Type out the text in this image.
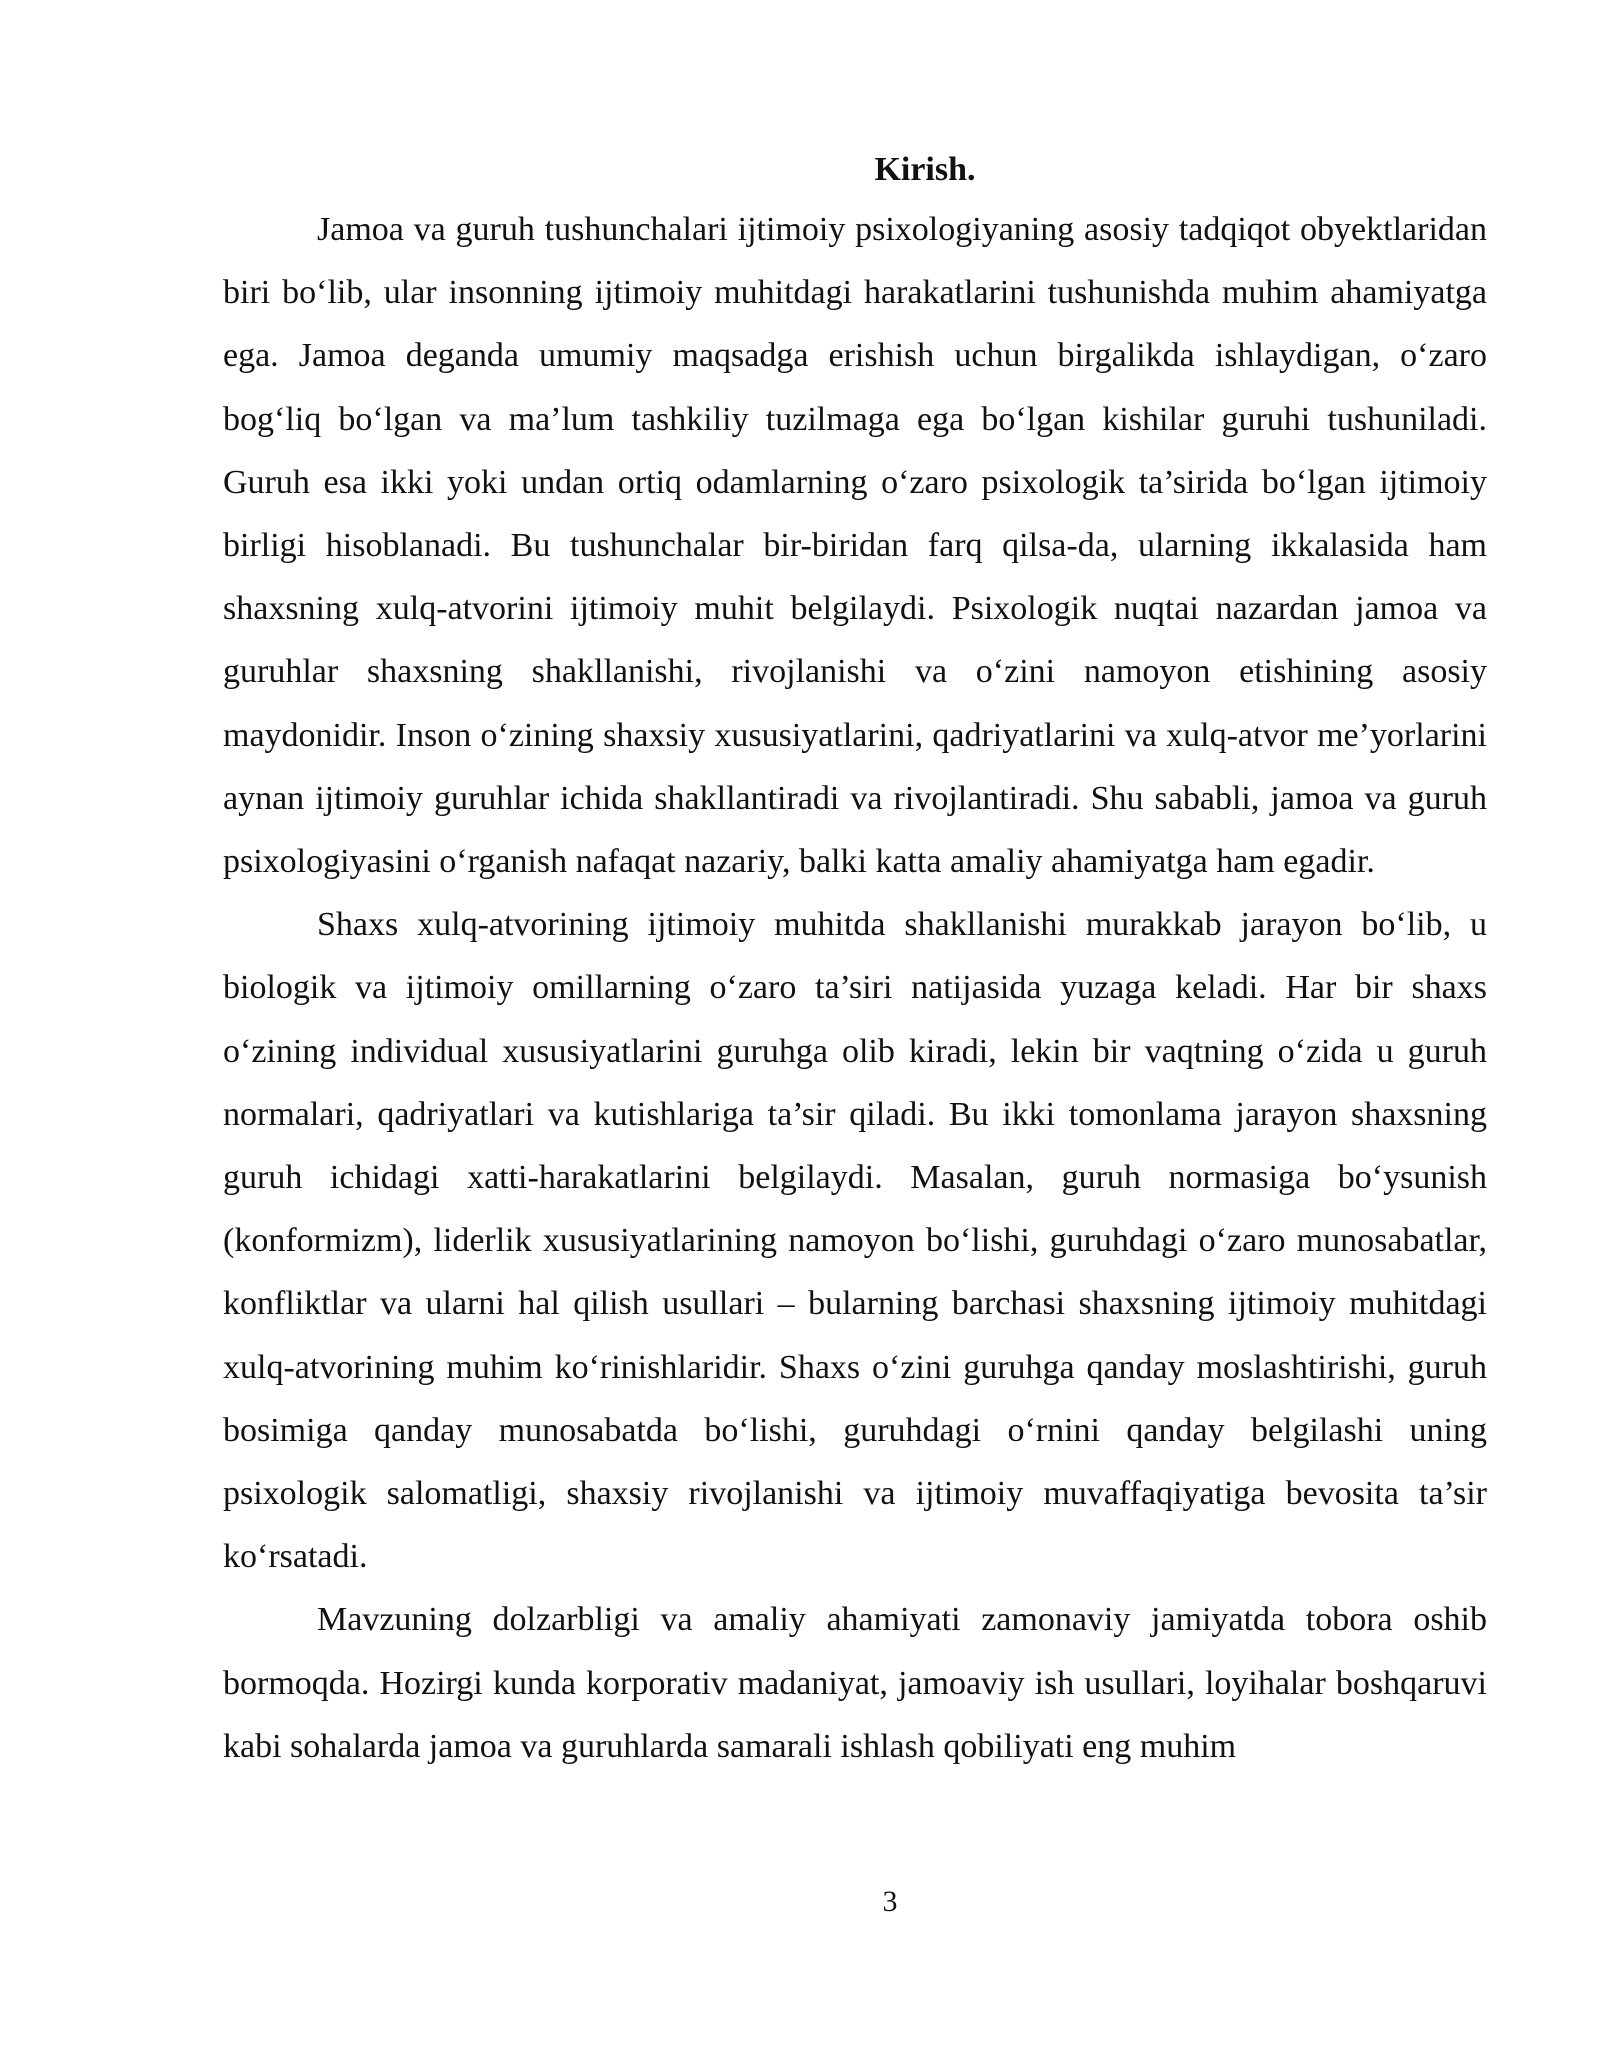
Kirish.

Jamoa va guruh tushunchalari ijtimoiy psixologiyaning asosiy tadqiqot obyektlaridan biri bo‘lib, ular insonning ijtimoiy muhitdagi harakatlarini tushunishda muhim ahamiyatga ega. Jamoa deganda umumiy maqsadga erishish uchun birgalikda ishlaydigan, o‘zaro bog‘liq bo‘lgan va ma’lum tashkiliy tuzilmaga ega bo‘lgan kishilar guruhi tushuniladi. Guruh esa ikki yoki undan ortiq odamlarning o‘zaro psixologik ta’sirida bo‘lgan ijtimoiy birligi hisoblanadi. Bu tushunchalar bir-biridan farq qilsa-da, ularning ikkalasida ham shaxsning xulq-atvorini ijtimoiy muhit belgilaydi. Psixologik nuqtai nazardan jamoa va guruhlar shaxsning shakllanishi, rivojlanishi va o‘zini namoyon etishining asosiy maydonidir. Inson o‘zining shaxsiy xususiyatlarini, qadriyatlarini va xulq-atvor me’yorlarini aynan ijtimoiy guruhlar ichida shakllantiradi va rivojlantiradi. Shu sababli, jamoa va guruh psixologiyasini o‘rganish nafaqat nazariy, balki katta amaliy ahamiyatga ham egadir.

Shaxs xulq-atvorining ijtimoiy muhitda shakllanishi murakkab jarayon bo‘lib, u biologik va ijtimoiy omillarning o‘zaro ta’siri natijasida yuzaga keladi. Har bir shaxs o‘zining individual xususiyatlarini guruhga olib kiradi, lekin bir vaqtning o‘zida u guruh normalari, qadriyatlari va kutishlariga ta’sir qiladi. Bu ikki tomonlama jarayon shaxsning guruh ichidagi xatti-harakatlarini belgilaydi. Masalan, guruh normasiga bo‘ysunish (konformizm), liderlik xususiyatlarining namoyon bo‘lishi, guruhdagi o‘zaro munosabatlar, konfliktlar va ularni hal qilish usullari – bularning barchasi shaxsning ijtimoiy muhitdagi xulq-atvorining muhim ko‘rinishlaridir. Shaxs o‘zini guruhga qanday moslashtirishi, guruh bosimiga qanday munosabatda bo‘lishi, guruhdagi o‘rnini qanday belgilashi uning psixologik salomatligi, shaxsiy rivojlanishi va ijtimoiy muvaffaqiyatiga bevosita ta’sir ko‘rsatadi.

Mavzuning dolzarbligi va amaliy ahamiyati zamonaviy jamiyatda tobora oshib bormoqda. Hozirgi kunda korporativ madaniyat, jamoaviy ish usullari, loyihalar boshqaruvi kabi sohalarda jamoa va guruhlarda samarali ishlash qobiliyati eng muhim

3
